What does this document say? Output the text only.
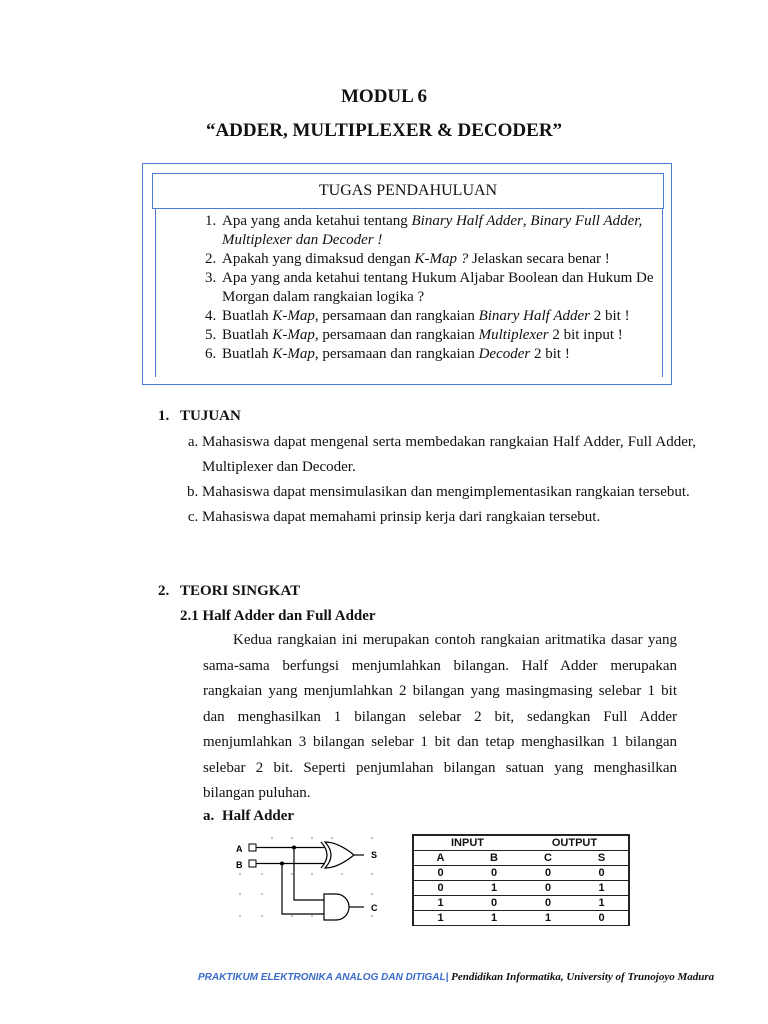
MODUL 6
“ADDER, MULTIPLEXER & DECODER”
TUGAS PENDAHULUAN
1. Apa yang anda ketahui tentang Binary Half Adder, Binary Full Adder, Multiplexer dan Decoder !
2. Apakah yang dimaksud dengan K-Map ? Jelaskan secara benar !
3. Apa yang anda ketahui tentang Hukum Aljabar Boolean dan Hukum De Morgan dalam rangkaian logika ?
4. Buatlah K-Map, persamaan dan rangkaian Binary Half Adder 2 bit !
5. Buatlah K-Map, persamaan dan rangkaian Multiplexer 2 bit input !
6. Buatlah K-Map, persamaan dan rangkaian Decoder 2 bit !
1. TUJUAN
a. Mahasiswa dapat mengenal serta membedakan rangkaian Half Adder, Full Adder, Multiplexer dan Decoder.
b. Mahasiswa dapat mensimulasikan dan mengimplementasikan rangkaian tersebut.
c. Mahasiswa dapat memahami prinsip kerja dari rangkaian tersebut.
2. TEORI SINGKAT
2.1 Half Adder dan Full Adder
Kedua rangkaian ini merupakan contoh rangkaian aritmatika dasar yang sama-sama berfungsi menjumlahkan bilangan. Half Adder merupakan rangkaian yang menjumlahkan 2 bilangan yang masingmasing selebar 1 bit dan menghasilkan 1 bilangan selebar 2 bit, sedangkan Full Adder menjumlahkan 3 bilangan selebar 1 bit dan tetap menghasilkan 1 bilangan selebar 2 bit. Seperti penjumlahan bilangan satuan yang menghasilkan bilangan puluhan.
a. Half Adder
A
B
S
C
INPUT		OUTPUT	
A	B	C	S
0	0	0	0
0	1	0	1
1	0	0	1
1	1	1	0
PRAKTIKUM ELEKTRONIKA ANALOG DAN DITIGAL| Pendidikan Informatika, University of Trunojoyo Madura
